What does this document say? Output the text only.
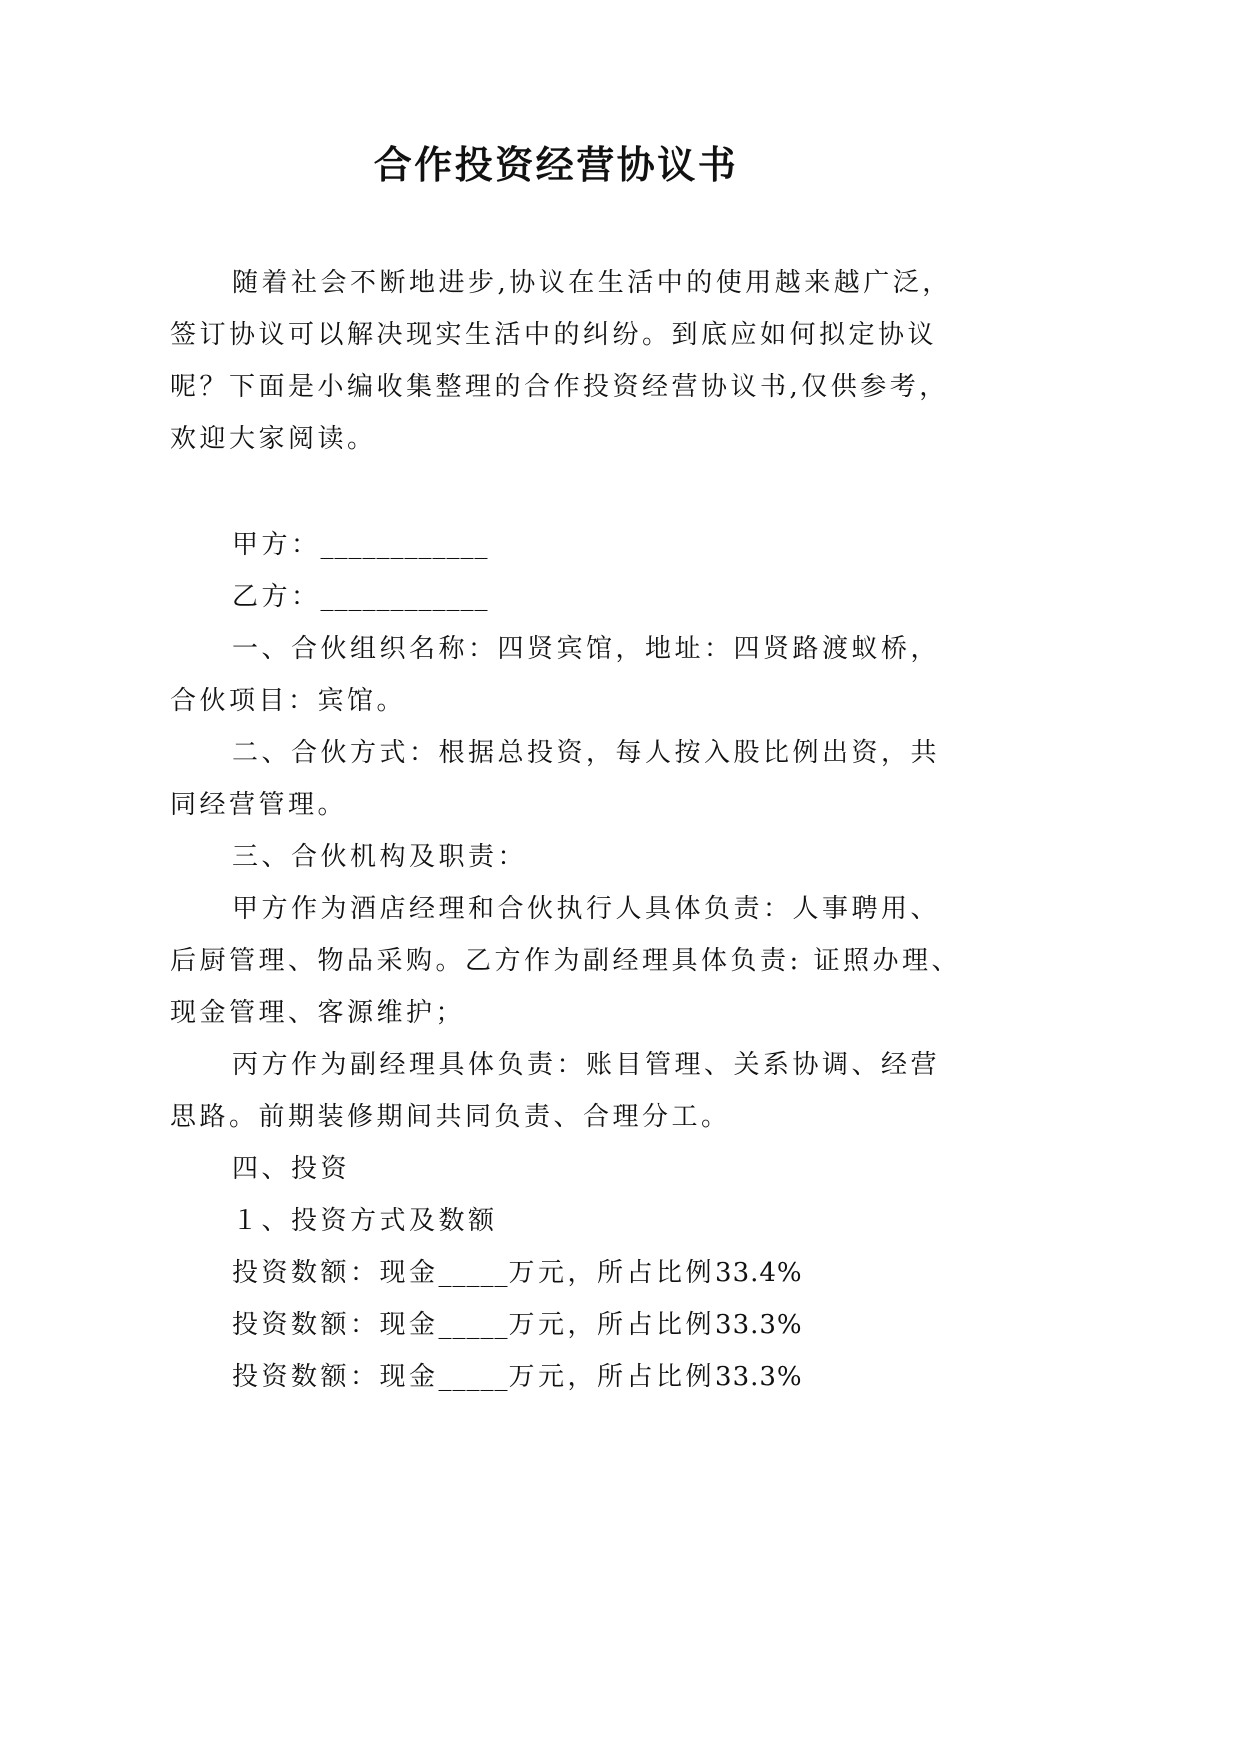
合作投资经营协议书
随着社会不断地进步,协议在生活中的使用越来越广泛，
签订协议可以解决现实生活中的纠纷。到底应如何拟定协议
呢？下面是小编收集整理的合作投资经营协议书,仅供参考，
欢迎大家阅读。
甲方：____________
乙方：____________
一、合伙组织名称：四贤宾馆，地址：四贤路渡蚁桥，
合伙项目：宾馆。
二、合伙方式：根据总投资，每人按入股比例出资，共
同经营管理。
三、合伙机构及职责：
甲方作为酒店经理和合伙执行人具体负责：人事聘用、
后厨管理、物品采购。乙方作为副经理具体负责: 证照办理、
现金管理、客源维护；
丙方作为副经理具体负责：账目管理、关系协调、经营
思路。前期装修期间共同负责、合理分工。
四、投资
１、投资方式及数额
投资数额：现金_____万元，所占比例33.4%
投资数额：现金_____万元，所占比例33.3%
投资数额：现金_____万元，所占比例33.3%
